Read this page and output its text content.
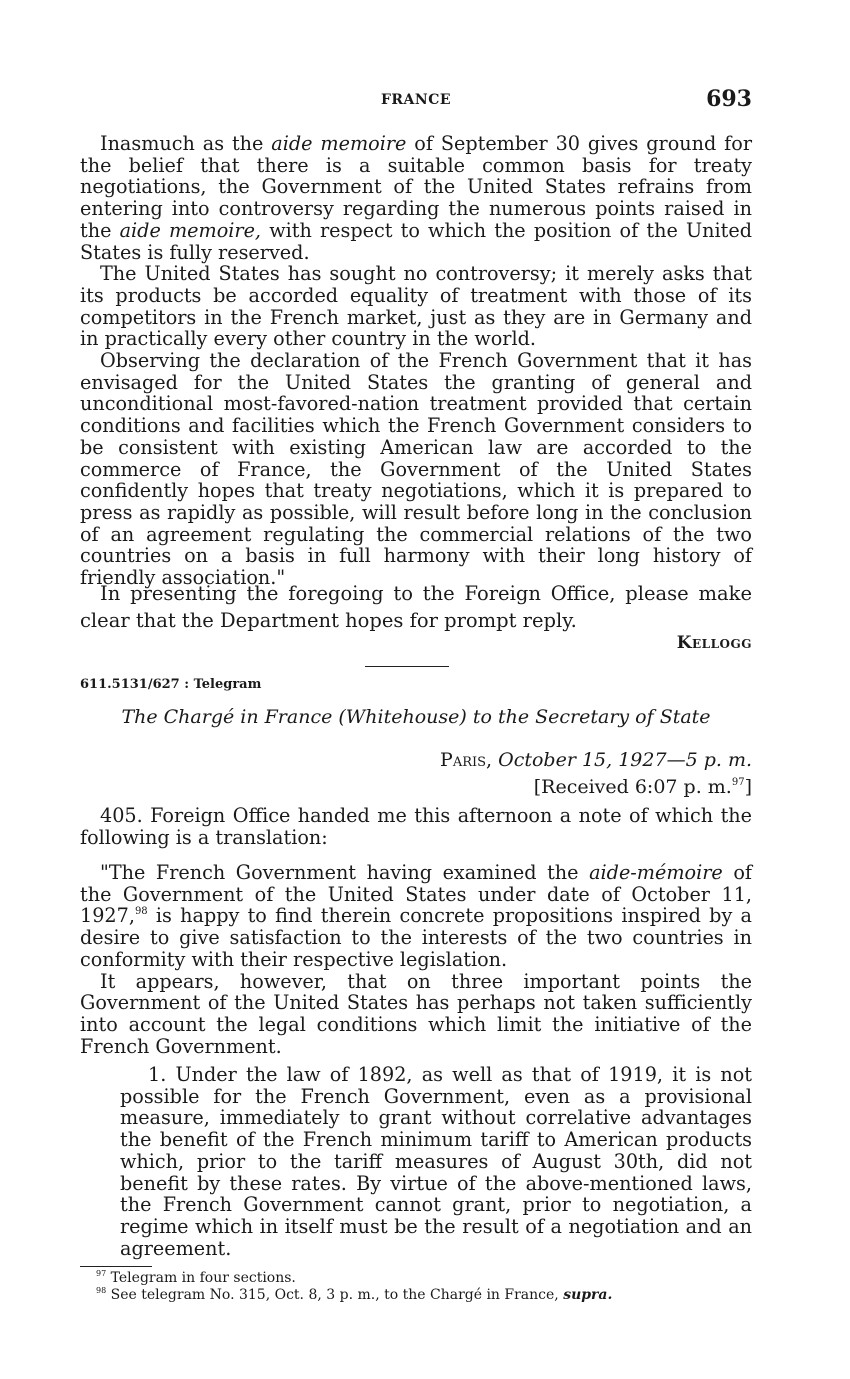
FRANCE	693

Inasmuch as the aide memoire of September 30 gives ground for the belief that there is a suitable common basis for treaty negotiations, the Government of the United States refrains from entering into controversy regarding the numerous points raised in the aide memoire, with respect to which the position of the United States is fully reserved.

The United States has sought no controversy; it merely asks that its products be accorded equality of treatment with those of its competitors in the French market, just as they are in Germany and in practically every other country in the world.

Observing the declaration of the French Government that it has envisaged for the United States the granting of general and unconditional most-favored-nation treatment provided that certain conditions and facilities which the French Government considers to be consistent with existing American law are accorded to the commerce of France, the Government of the United States confidently hopes that treaty negotiations, which it is prepared to press as rapidly as possible, will result before long in the conclusion of an agreement regulating the commercial relations of the two countries on a basis in full harmony with their long history of friendly association."

In presenting the foregoing to the Foreign Office, please make clear that the Department hopes for prompt reply.

Kellogg
611.5131/627 : Telegram
The Chargé in France (Whitehouse) to the Secretary of State
Paris, October 15, 1927—5 p. m.
[Received 6:07 p. m.$^{97}$]

405. Foreign Office handed me this afternoon a note of which the following is a translation:

"The French Government having examined the aide-mémoire of the Government of the United States under date of October 11, 1927,98 is happy to find therein concrete propositions inspired by a desire to give satisfaction to the interests of the two countries in conformity with their respective legislation.

It appears, however, that on three important points the Government of the United States has perhaps not taken sufficiently into account the legal conditions which limit the initiative of the French Government.

1. Under the law of 1892, as well as that of 1919, it is not possible for the French Government, even as a provisional measure, immediately to grant without correlative advantages the benefit of the French minimum tariff to American products which, prior to the tariff measures of August 30th, did not benefit by these rates. By virtue of the above-mentioned laws, the French Government cannot grant, prior to negotiation, a regime which in itself must be the result of a negotiation and an agreement.

$^{97}$ Telegram in four sections.
$^{98}$ See telegram No. 315, Oct. 8, 3 p. m., to the Chargé in France, supra.
